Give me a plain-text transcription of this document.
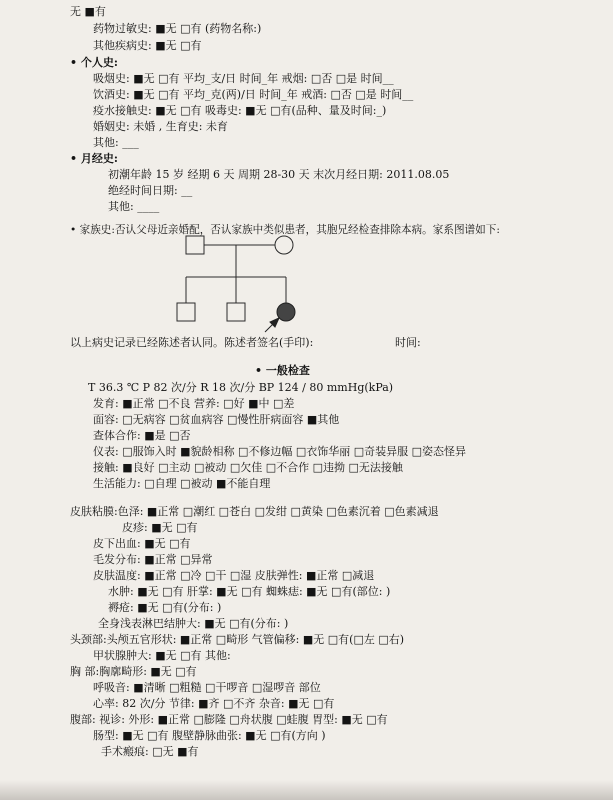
无 ■有
药物过敏史: ■无 □有 (药物名称:)
其他疾病史: ■无 □有
• 个人史:
吸烟史: ■无 □有 平均_支/日 时间_年 戒烟: □否 □是 时间__
饮酒史: ■无 □有 平均_克(两)/日 时间_年 戒酒: □否 □是 时间__
疫水接触史: ■无 □有 吸毒史: ■无 □有(品种、量及时间:_)
婚姻史: 未婚 , 生育史: 未育
其他: ___
• 月经史:
初潮年龄 15 岁 经期 6 天 周期 28-30 天 末次月经日期: 2011.08.05
绝经时间日期: __
其他: ____
• 家族史:否认父母近亲婚配，否认家族中类似患者，其胞兄经检查排除本病。家系图谱如下:
以上病史记录已经陈述者认同。陈述者签名(手印):	时间:
• 一般检查
T 36.3 ℃ P 82 次/分 R 18 次/分 BP 124 / 80 mmHg(kPa)
发育: ■正常 □不良 营养: □好 ■中 □差
面容: □无病容 □贫血病容 □慢性肝病面容 ■其他
查体合作: ■是 □否
仪表: □服饰入时 ■貌龄相称 □不修边幅 □衣饰华丽 □奇装异服 □姿态怪异
接触: ■良好 □主动 □被动 □欠佳 □不合作 □违拗 □无法接触
生活能力: □自理 □被动 ■不能自理
皮肤粘膜:色泽: ■正常 □潮红 □苍白 □发绀 □黄染 □色素沉着 □色素减退
皮疹: ■无 □有
皮下出血: ■无 □有
毛发分布: ■正常 □异常
皮肤温度: ■正常 □冷 □干 □湿 皮肤弹性: ■正常 □减退
水肿: ■无 □有 肝掌: ■无 □有 蜘蛛痣: ■无 □有(部位: )
褥疮: ■无 □有(分布: )
全身浅表淋巴结肿大: ■无 □有(分布: )
头颈部:头颅五官形状: ■正常 □畸形 气管偏移: ■无 □有(□左 □右)
甲状腺肿大: ■无 □有 其他:
胸 部:胸廓畸形: ■无 □有
呼吸音: ■清晰 □粗糙 □干啰音 □湿啰音 部位
心率: 82 次/分 节律: ■齐 □不齐 杂音: ■无 □有
腹部: 视诊: 外形: ■正常 □膨隆 □舟状腹 □蛙腹 胃型: ■无 □有
肠型: ■无 □有 腹壁静脉曲张: ■无 □有(方向 )
手术瘢痕: □无 ■有
